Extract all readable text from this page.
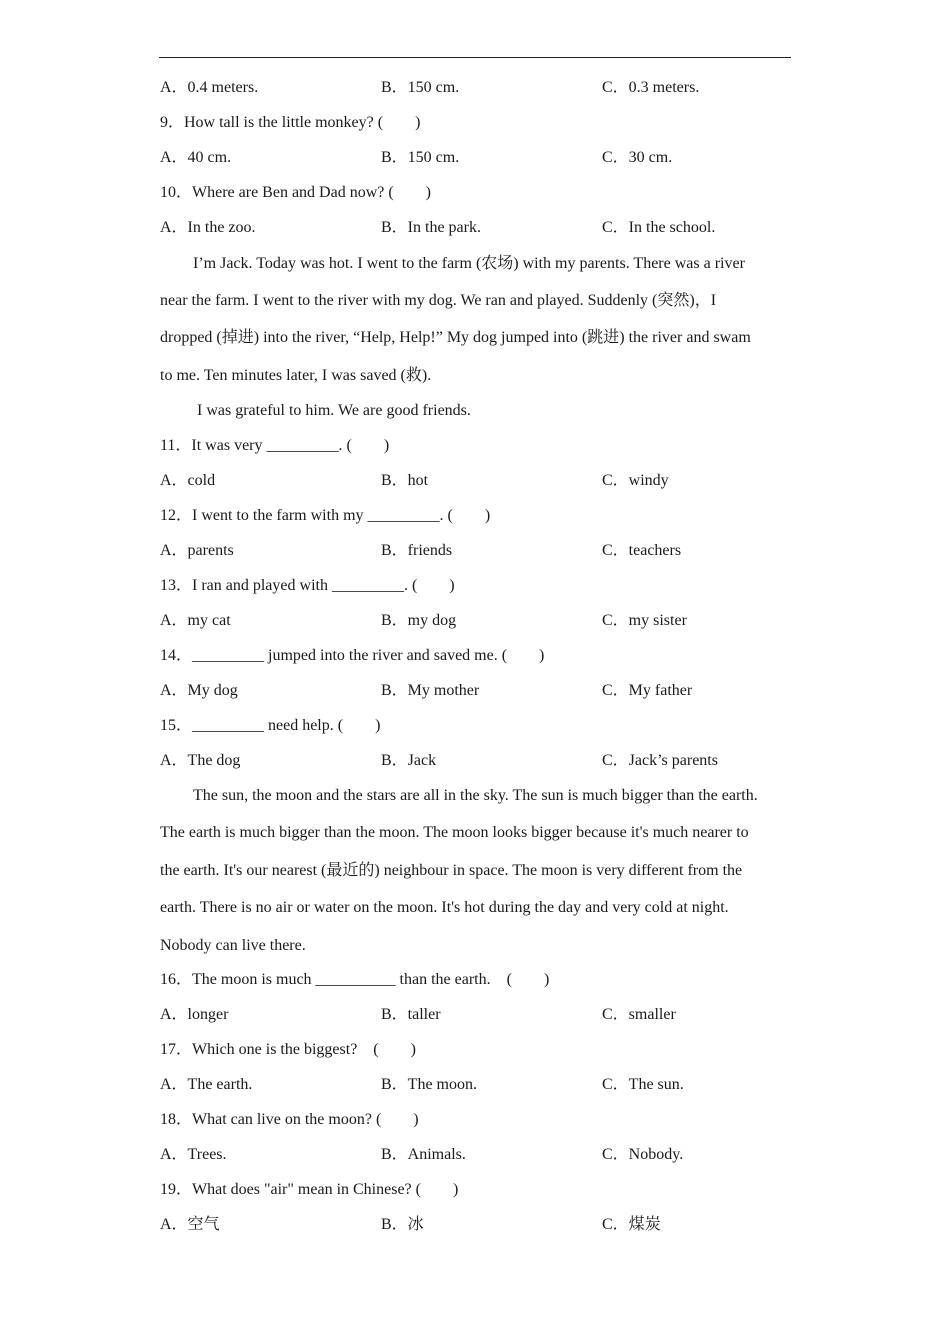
A．0.4 meters.	B．150 cm.	C．0.3 meters.
9．How tall is the little monkey? (　　)
A．40 cm.	B．150 cm.	C．30 cm.
10．Where are Ben and Dad now? (　　)
A．In the zoo.	B．In the park.	C．In the school.
I’m Jack. Today was hot. I went to the farm (农场) with my parents. There was a river
near the farm. I went to the river with my dog. We ran and played. Suddenly (突然)，I
dropped (掉进) into the river, “Help, Help!” My dog jumped into (跳进) the river and swam
to me. Ten minutes later, I was saved (救).
I was grateful to him. We are good friends.
11．It was very _________. (　　)
A．cold	B．hot	C．windy
12．I went to the farm with my _________. (　　)
A．parents	B．friends	C．teachers
13．I ran and played with _________. (　　)
A．my cat	B．my dog	C．my sister
14．_________ jumped into the river and saved me. (　　)
A．My dog	B．My mother	C．My father
15．_________ need help. (　　)
A．The dog	B．Jack	C．Jack’s parents
The sun, the moon and the stars are all in the sky. The sun is much bigger than the earth.
The earth is much bigger than the moon. The moon looks bigger because it's much nearer to
the earth. It's our nearest (最近的) neighbour in space. The moon is very different from the
earth. There is no air or water on the moon. It's hot during the day and very cold at night.
Nobody can live there.
16．The moon is much __________ than the earth.　(　　)
A．longer	B．taller	C．smaller
17．Which one is the biggest?　(　　)
A．The earth.	B．The moon.	C．The sun.
18．What can live on the moon? (　　)
A．Trees.	B．Animals.	C．Nobody.
19．What does "air" mean in Chinese? (　　)
A．空气	B．冰	C．煤炭
